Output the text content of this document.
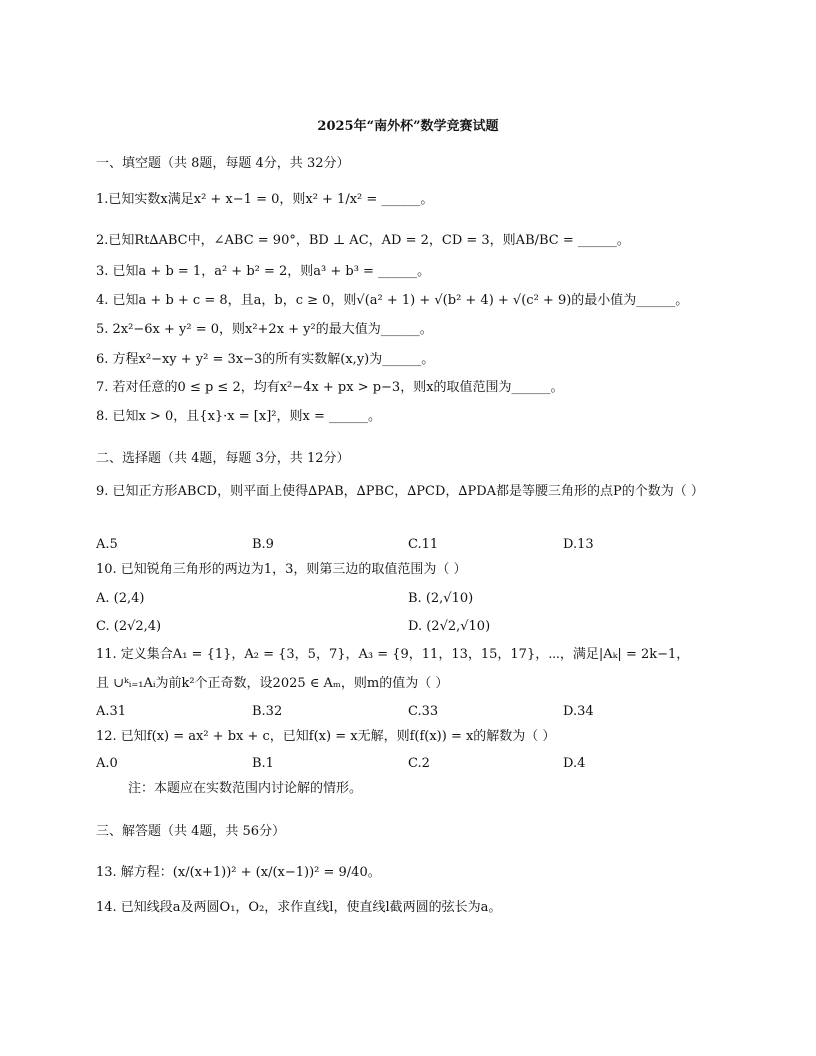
2025年“南外杯”数学竞赛试题
一、填空题（共 8题，每题 4分，共 32分）
1.已知实数x满足x² + x−1 = 0，则x² + 1/x² = ______。
2.已知Rt∆ABC中，∠ABC = 90°，BD ⊥ AC，AD = 2，CD = 3，则AB/BC = ______。
3. 已知a + b = 1，a² + b² = 2，则a³ + b³ = ______。
4. 已知a + b + c = 8，且a，b，c ≥ 0，则√(a² + 1) + √(b² + 4) + √(c² + 9)的最小值为______。
5. 2x²−6x + y² = 0，则x²+2x + y²的最大值为______。
6. 方程x²−xy + y² = 3x−3的所有实数解(x,y)为______。
7. 若对任意的0 ≤ p ≤ 2，均有x²−4x + px > p−3，则x的取值范围为______。
8. 已知x > 0，且{x}·x = [x]²，则x = ______。
二、选择题（共 4题，每题 3分，共 12分）
9. 已知正方形ABCD，则平面上使得∆PAB，∆PBC，∆PCD，∆PDA都是等腰三角形的点P的个数为（ ）
A.5	B.9	C.11	D.13
10. 已知锐角三角形的两边为1，3，则第三边的取值范围为（ ）
A. (2,4)	B. (2,√10)
C. (2√2,4)	D. (2√2,√10)
11. 定义集合A₁ = {1}，A₂ = {3，5，7}，A₃ = {9，11，13，15，17}，⋯，满足|Aₖ| = 2k−1，
且 ∪ᵏᵢ₌₁Aᵢ为前k²个正奇数，设2025 ∈ Aₘ，则m的值为（ ）
A.31	B.32	C.33	D.34
12. 已知f(x) = ax² + bx + c，已知f(x) = x无解，则f(f(x)) = x的解数为（ ）
A.0	B.1	C.2	D.4
注：本题应在实数范围内讨论解的情形。
三、解答题（共 4题，共 56分）
13. 解方程：(x/(x+1))² + (x/(x−1))² = 9/40。
14. 已知线段a及两圆O₁，O₂，求作直线l，使直线l截两圆的弦长为a。
